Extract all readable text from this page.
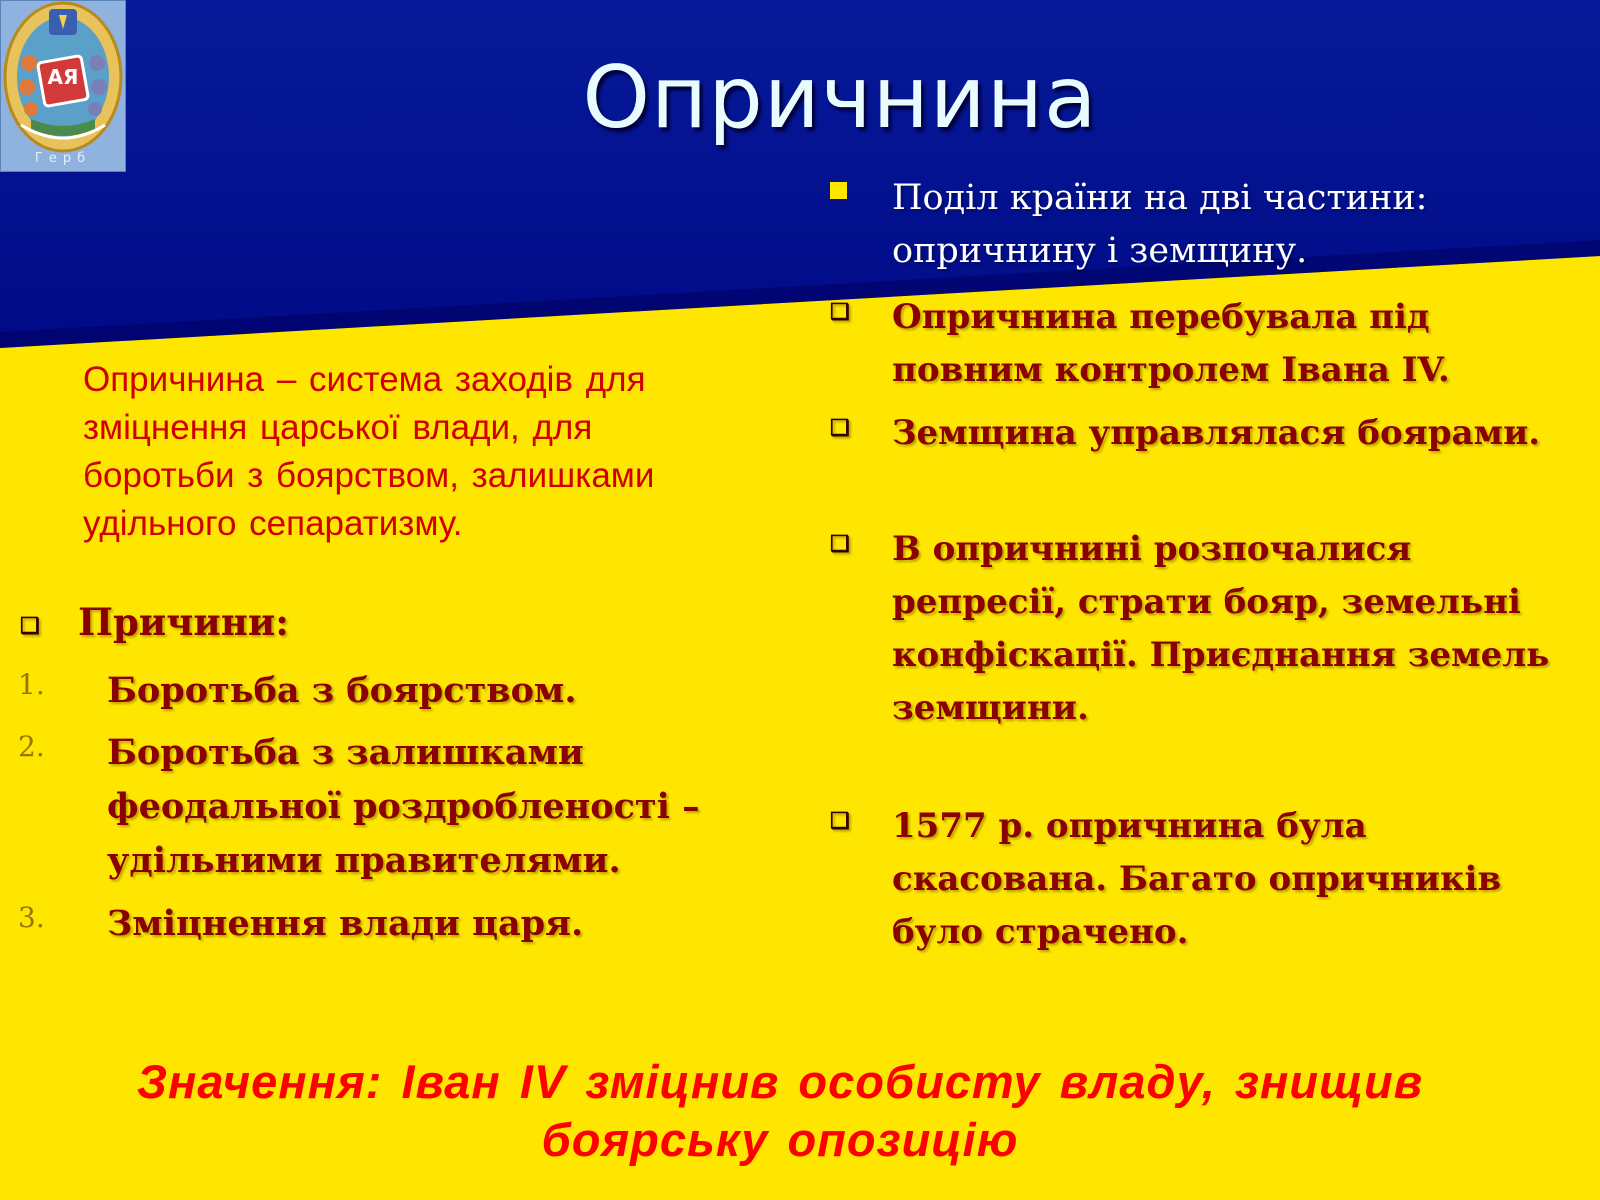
АЯ
Герб
Опричнина
Опричнина – система заходів для зміцнення царської влади, для боротьби з боярством, залишками удільного сепаратизму.
❑ Причини:
1. Боротьба з боярством.
2. Боротьба з залишками феодальної роздробленості – удільними правителями.
3. Зміцнення влади царя.
Поділ країни на дві частини: опричнину і земщину.
❑ Опричнина перебувала під повним контролем Івана IV.
❑ Земщина управлялася боярами.
❑ В опричнині розпочалися репресії, страти бояр, земельні конфіскації. Приєднання земель земщини.
❑ 1577 р. опричнина була скасована. Багато опричників було страчено.
Значення: Іван IV зміцнив особисту владу, знищив боярську опозицію
